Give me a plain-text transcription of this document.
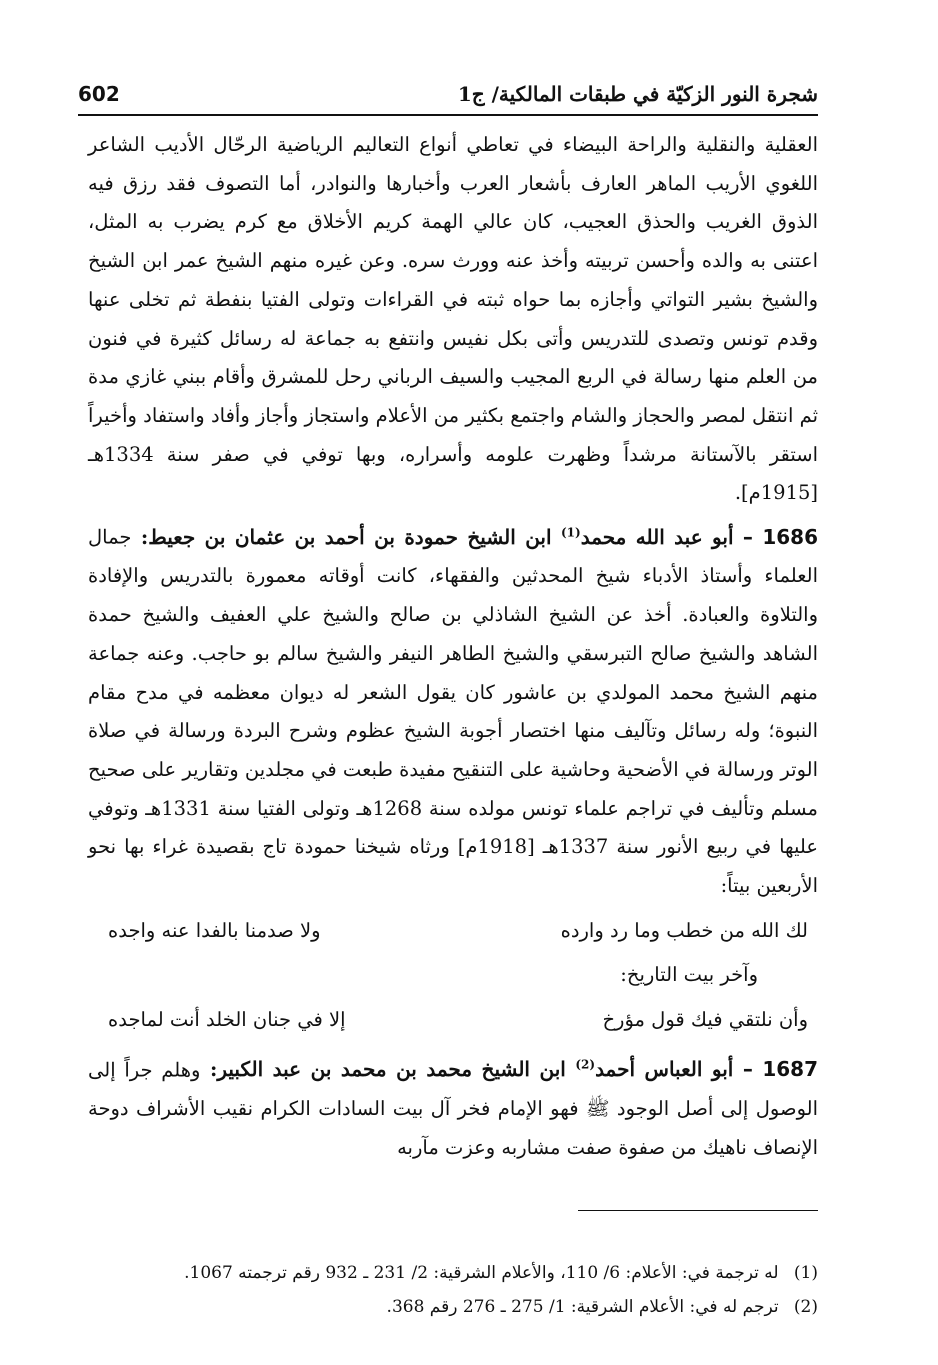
شجرة النور الزكيّة في طبقات المالكية/ ج1
602

العقلية والنقلية والراحة البيضاء في تعاطي أنواع التعاليم الرياضية الرحّال الأديب الشاعر اللغوي الأريب الماهر العارف بأشعار العرب وأخبارها والنوادر، أما التصوف فقد رزق فيه الذوق الغريب والحذق العجيب، كان عالي الهمة كريم الأخلاق مع كرم يضرب به المثل، اعتنى به والده وأحسن تربيته وأخذ عنه وورث سره. وعن غيره منهم الشيخ عمر ابن الشيخ والشيخ بشير التواتي وأجازه بما حواه ثبته في القراءات وتولى الفتيا بنفطة ثم تخلى عنها وقدم تونس وتصدى للتدريس وأتى بكل نفيس وانتفع به جماعة له رسائل كثيرة في فنون من العلم منها رسالة في الربع المجيب والسيف الرباني رحل للمشرق وأقام ببني غازي مدة ثم انتقل لمصر والحجاز والشام واجتمع بكثير من الأعلام واستجاز وأجاز وأفاد واستفاد وأخيراً استقر بالآستانة مرشداً وظهرت علومه وأسراره، وبها توفي في صفر سنة 1334هـ [1915م].

1686 – أبو عبد الله محمد$^{(1)}$ ابن الشيخ حمودة بن أحمد بن عثمان بن جعيط: جمال العلماء وأستاذ الأدباء شيخ المحدثين والفقهاء، كانت أوقاته معمورة بالتدريس والإفادة والتلاوة والعبادة. أخذ عن الشيخ الشاذلي بن صالح والشيخ علي العفيف والشيخ حمدة الشاهد والشيخ صالح التبرسقي والشيخ الطاهر النيفر والشيخ سالم بو حاجب. وعنه جماعة منهم الشيخ محمد المولدي بن عاشور كان يقول الشعر له ديوان معظمه في مدح مقام النبوة؛ وله رسائل وتآليف منها اختصار أجوبة الشيخ عظوم وشرح البردة ورسالة في صلاة الوتر ورسالة في الأضحية وحاشية على التنقيح مفيدة طبعت في مجلدين وتقارير على صحيح مسلم وتأليف في تراجم علماء تونس مولده سنة 1268هـ وتولى الفتيا سنة 1331هـ وتوفي عليها في ربيع الأنور سنة 1337هـ [1918م] ورثاه شيخنا حمودة تاج بقصيدة غراء بها نحو الأربعين بيتاً:

لك الله من خطب وما رد وارده
ولا صدمنا بالفدا عنه واجده

وآخر بيت التاريخ:

وأن نلتقي فيك قول مؤرخ
إلا في جنان الخلد أنت لماجده

1687 – أبو العباس أحمد$^{(2)}$ ابن الشيخ محمد بن محمد بن عبد الكبير: وهلم جراً إلى الوصول إلى أصل الوجود ﷺ فهو الإمام فخر آل بيت السادات الكرام نقيب الأشراف دوحة الإنصاف ناهيك من صفوة صفت مشاربه وعزت مآربه

(1) له ترجمة في: الأعلام: 6/ 110، والأعلام الشرقية: 2/ 231 ـ 932 رقم ترجمته 1067.

(2) ترجم له في: الأعلام الشرقية: 1/ 275 ـ 276 رقم 368.
